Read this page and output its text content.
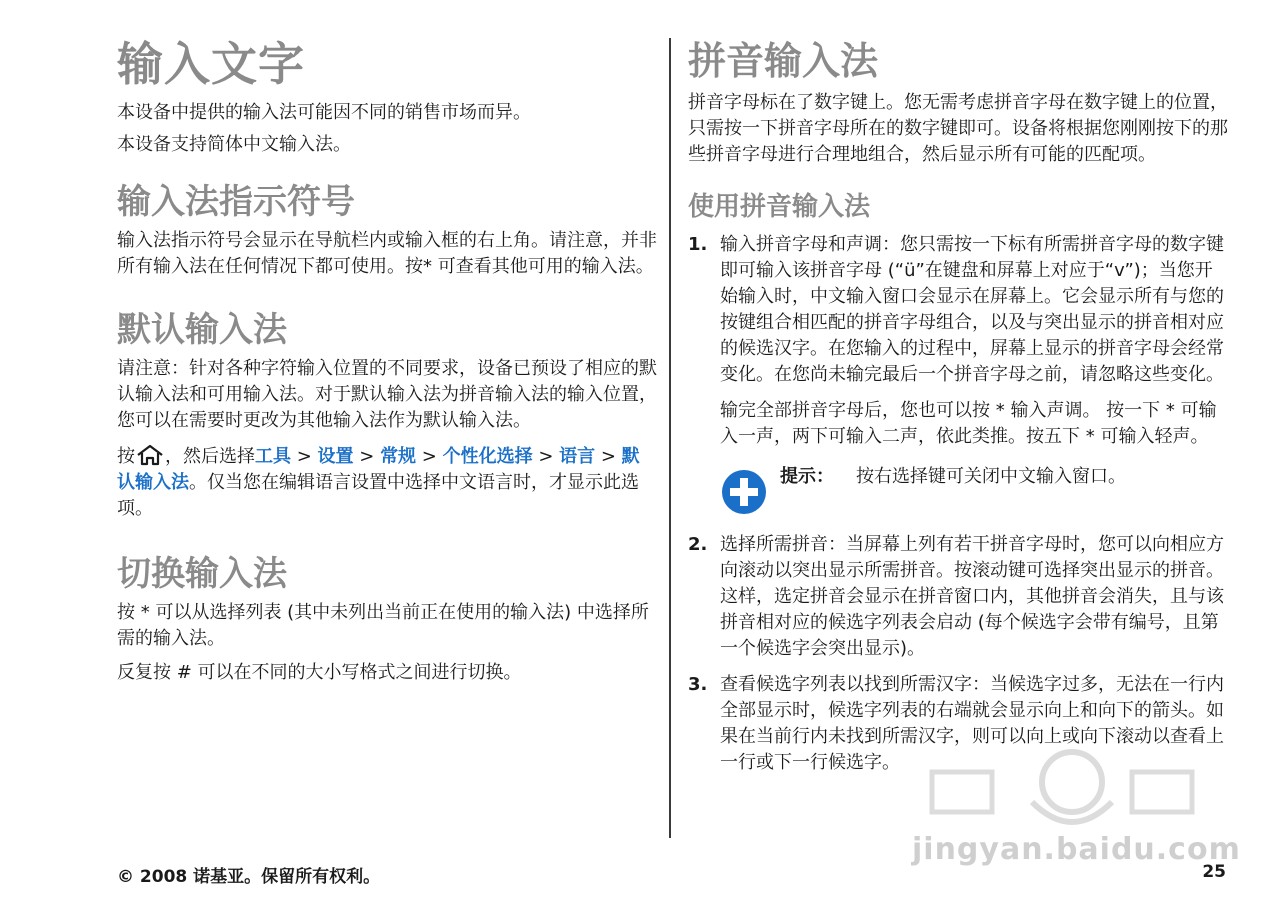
输入文字

本设备中提供的输入法可能因不同的销售市场而异。

本设备支持简体中文输入法。

输入法指示符号

输入法指示符号会显示在导航栏内或输入框的右上角。请注意，并非所有输入法在任何情况下都可使用。按* 可查看其他可用的输入法。

默认输入法

请注意：针对各种字符输入位置的不同要求，设备已预设了相应的默认输入法和可用输入法。对于默认输入法为拼音输入法的输入位置，您可以在需要时更改为其他输入法作为默认输入法。

按 ，然后选择工具 > 设置 > 常规 > 个性化选择 > 语言 > 默认输入法。仅当您在编辑语言设置中选择中文语言时，才显示此选项。

切换输入法

按 * 可以从选择列表 (其中未列出当前正在使用的输入法) 中选择所需的输入法。

反复按 # 可以在不同的大小写格式之间进行切换。

拼音输入法

拼音字母标在了数字键上。您无需考虑拼音字母在数字键上的位置，只需按一下拼音字母所在的数字键即可。设备将根据您刚刚按下的那些拼音字母进行合理地组合，然后显示所有可能的匹配项。

使用拼音输入法
1. 输入拼音字母和声调：您只需按一下标有所需拼音字母的数字键即可输入该拼音字母 (“ü”在键盘和屏幕上对应于“v”)；当您开始输入时，中文输入窗口会显示在屏幕上。它会显示所有与您的按键组合相匹配的拼音字母组合，以及与突出显示的拼音相对应的候选汉字。在您输入的过程中，屏幕上显示的拼音字母会经常变化。在您尚未输完最后一个拼音字母之前，请忽略这些变化。

输完全部拼音字母后，您也可以按 * 输入声调。 按一下 * 可输入一声，两下可输入二声，依此类推。按五下 * 可输入轻声。

提示： 按右选择键可关闭中文输入窗口。

2. 选择所需拼音：当屏幕上列有若干拼音字母时，您可以向相应方向滚动以突出显示所需拼音。按滚动键可选择突出显示的拼音。这样，选定拼音会显示在拼音窗口内，其他拼音会消失，且与该拼音相对应的候选字列表会启动 (每个候选字会带有编号，且第一个候选字会突出显示)。

3. 查看候选字列表以找到所需汉字：当候选字过多，无法在一行内全部显示时，候选字列表的右端就会显示向上和向下的箭头。如果在当前行内未找到所需汉字，则可以向上或向下滚动以查看上一行或下一行候选字。

jingyan.baidu.com
© 2008 诺基亚。保留所有权利。	25
